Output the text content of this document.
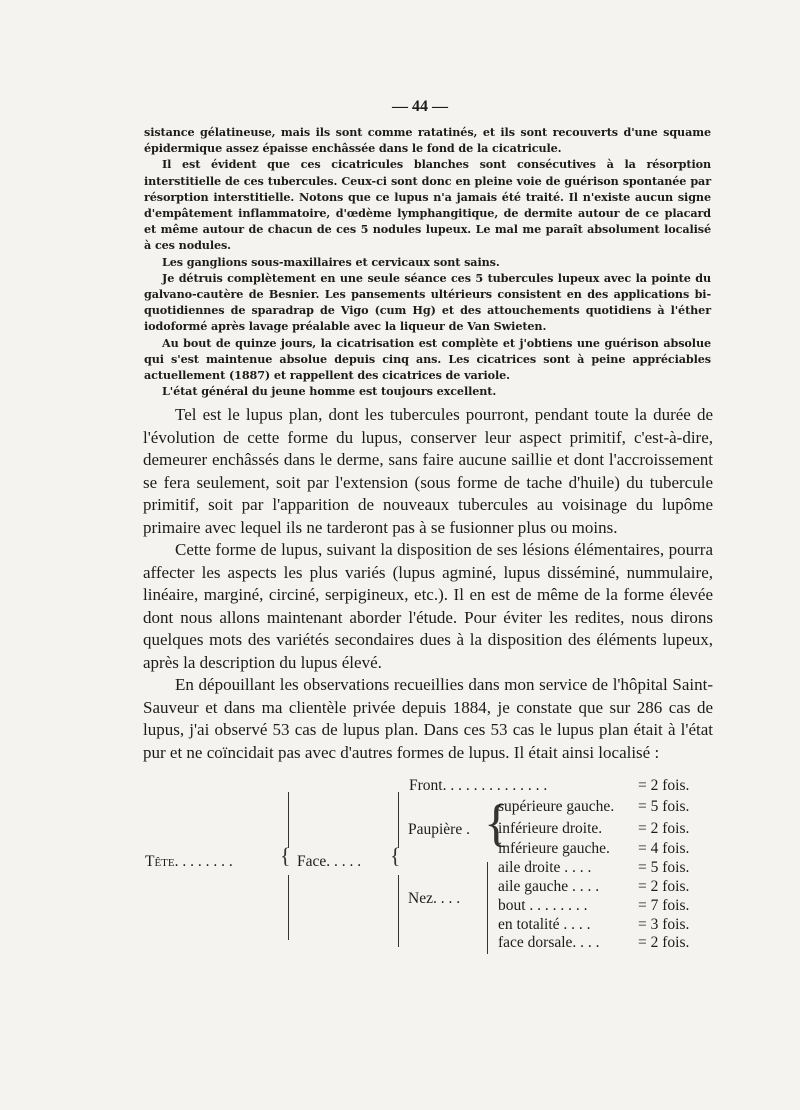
— 44 —

sistance gélatineuse, mais ils sont comme ratatinés, et ils sont recouverts d'une squame épidermique assez épaisse enchâssée dans le fond de la cicatricule.

Il est évident que ces cicatricules blanches sont consécutives à la résorption interstitielle de ces tubercules. Ceux-ci sont donc en pleine voie de guérison spontanée par résorption interstitielle. Notons que ce lupus n'a jamais été traité. Il n'existe aucun signe d'empâtement inflammatoire, d'œdème lymphangitique, de dermite autour de ce placard et même autour de chacun de ces 5 nodules lupeux. Le mal me paraît absolument localisé à ces nodules.

Les ganglions sous-maxillaires et cervicaux sont sains.

Je détruis complètement en une seule séance ces 5 tubercules lupeux avec la pointe du galvano-cautère de Besnier. Les pansements ultérieurs consistent en des applications bi-quotidiennes de sparadrap de Vigo (cum Hg) et des attouchements quotidiens à l'éther iodoformé après lavage préalable avec la liqueur de Van Swieten.

Au bout de quinze jours, la cicatrisation est complète et j'obtiens une guérison absolue qui s'est maintenue absolue depuis cinq ans. Les cicatrices sont à peine appréciables actuellement (1887) et rappellent des cicatrices de variole.

L'état général du jeune homme est toujours excellent.

Tel est le lupus plan, dont les tubercules pourront, pendant toute la durée de l'évolution de cette forme du lupus, conserver leur aspect primitif, c'est-à-dire, demeurer enchâssés dans le derme, sans faire aucune saillie et dont l'accroissement se fera seulement, soit par l'extension (sous forme de tache d'huile) du tubercule primitif, soit par l'apparition de nouveaux tubercules au voisinage du lupôme primaire avec lequel ils ne tarderont pas à se fusionner plus ou moins.

Cette forme de lupus, suivant la disposition de ses lésions élémentaires, pourra affecter les aspects les plus variés (lupus agminé, lupus disséminé, nummulaire, linéaire, marginé, circiné, serpigineux, etc.). Il en est de même de la forme élevée dont nous allons maintenant aborder l'étude. Pour éviter les redites, nous dirons quelques mots des variétés secondaires dues à la disposition des éléments lupeux, après la description du lupus élevé.

En dépouillant les observations recueillies dans mon service de l'hôpital Saint-Sauveur et dans ma clientèle privée depuis 1884, je constate que sur 286 cas de lupus, j'ai observé 53 cas de lupus plan. Dans ces 53 cas le lupus plan était à l'état pur et ne coïncidait pas avec d'autres formes de lupus. Il était ainsi localisé :

Tête. . . . . . . . { Face. . . . . {
Front. . . . . . . . . . . . . .	= 2 fois.
Paupière . {
supérieure gauche. = 5 fois.
inférieure droite. = 2 fois.
inférieure gauche. = 4 fois.
Nez. . . .
aile droite . . . .	= 5 fois.
aile gauche . . . .	= 2 fois.
bout . . . . . . . .	= 7 fois.
en totalité . . . .	= 3 fois.
face dorsale. . . . = 2 fois.
